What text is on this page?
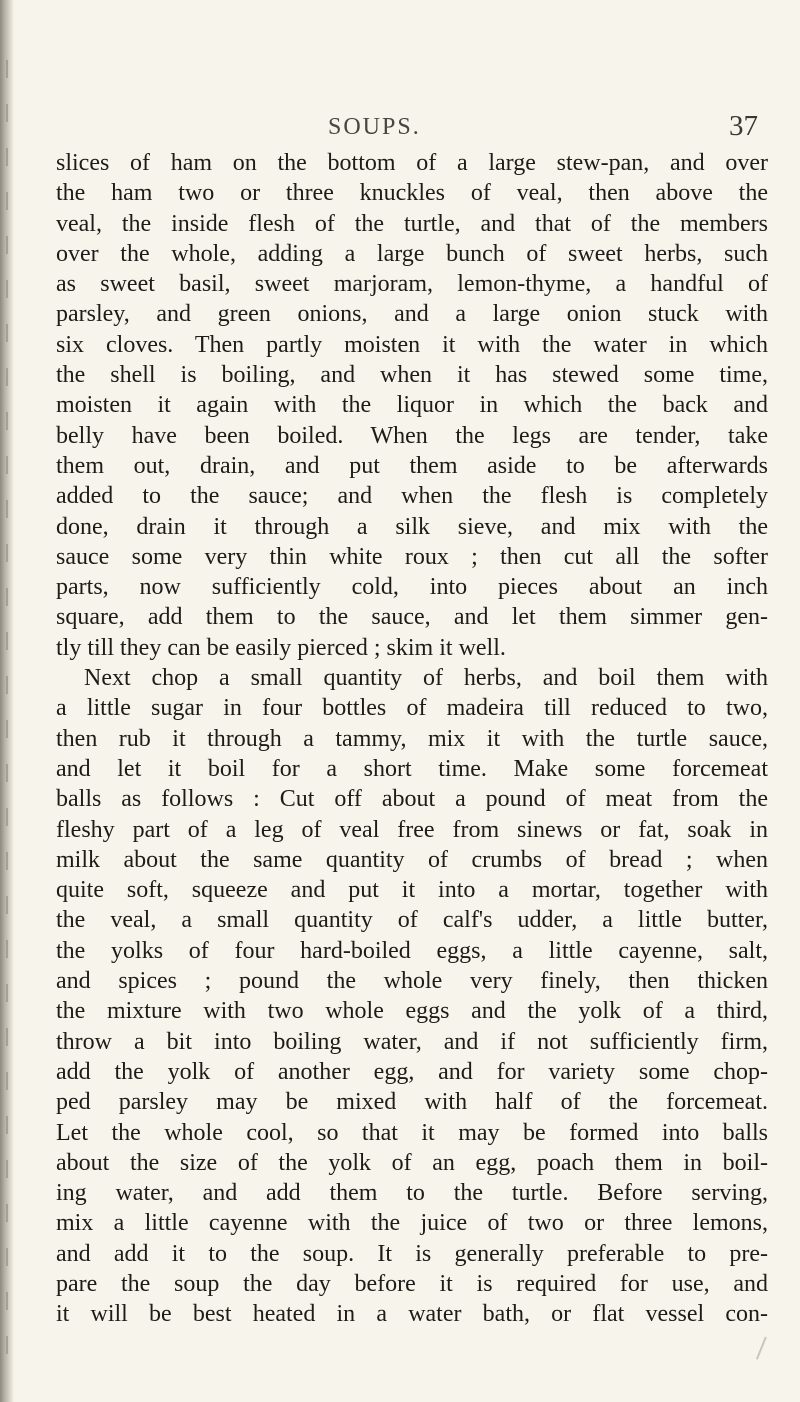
SOUPS.	37
slices of ham on the bottom of a large stew-pan, and over
the ham two or three knuckles of veal, then above the
veal, the inside flesh of the turtle, and that of the members
over the whole, adding a large bunch of sweet herbs, such
as sweet basil, sweet marjoram, lemon-thyme, a handful of
parsley, and green onions, and a large onion stuck with
six cloves. Then partly moisten it with the water in which
the shell is boiling, and when it has stewed some time,
moisten it again with the liquor in which the back and
belly have been boiled. When the legs are tender, take
them out, drain, and put them aside to be afterwards
added to the sauce; and when the flesh is completely
done, drain it through a silk sieve, and mix with the
sauce some very thin white roux ; then cut all the softer
parts, now sufficiently cold, into pieces about an inch
square, add them to the sauce, and let them simmer gen-
tly till they can be easily pierced ; skim it well.
Next chop a small quantity of herbs, and boil them with
a little sugar in four bottles of madeira till reduced to two,
then rub it through a tammy, mix it with the turtle sauce,
and let it boil for a short time. Make some forcemeat
balls as follows : Cut off about a pound of meat from the
fleshy part of a leg of veal free from sinews or fat, soak in
milk about the same quantity of crumbs of bread ; when
quite soft, squeeze and put it into a mortar, together with
the veal, a small quantity of calf's udder, a little butter,
the yolks of four hard-boiled eggs, a little cayenne, salt,
and spices ; pound the whole very finely, then thicken
the mixture with two whole eggs and the yolk of a third,
throw a bit into boiling water, and if not sufficiently firm,
add the yolk of another egg, and for variety some chop-
ped parsley may be mixed with half of the forcemeat.
Let the whole cool, so that it may be formed into balls
about the size of the yolk of an egg, poach them in boil-
ing water, and add them to the turtle. Before serving,
mix a little cayenne with the juice of two or three lemons,
and add it to the soup. It is generally preferable to pre-
pare the soup the day before it is required for use, and
it will be best heated in a water bath, or flat vessel con-
